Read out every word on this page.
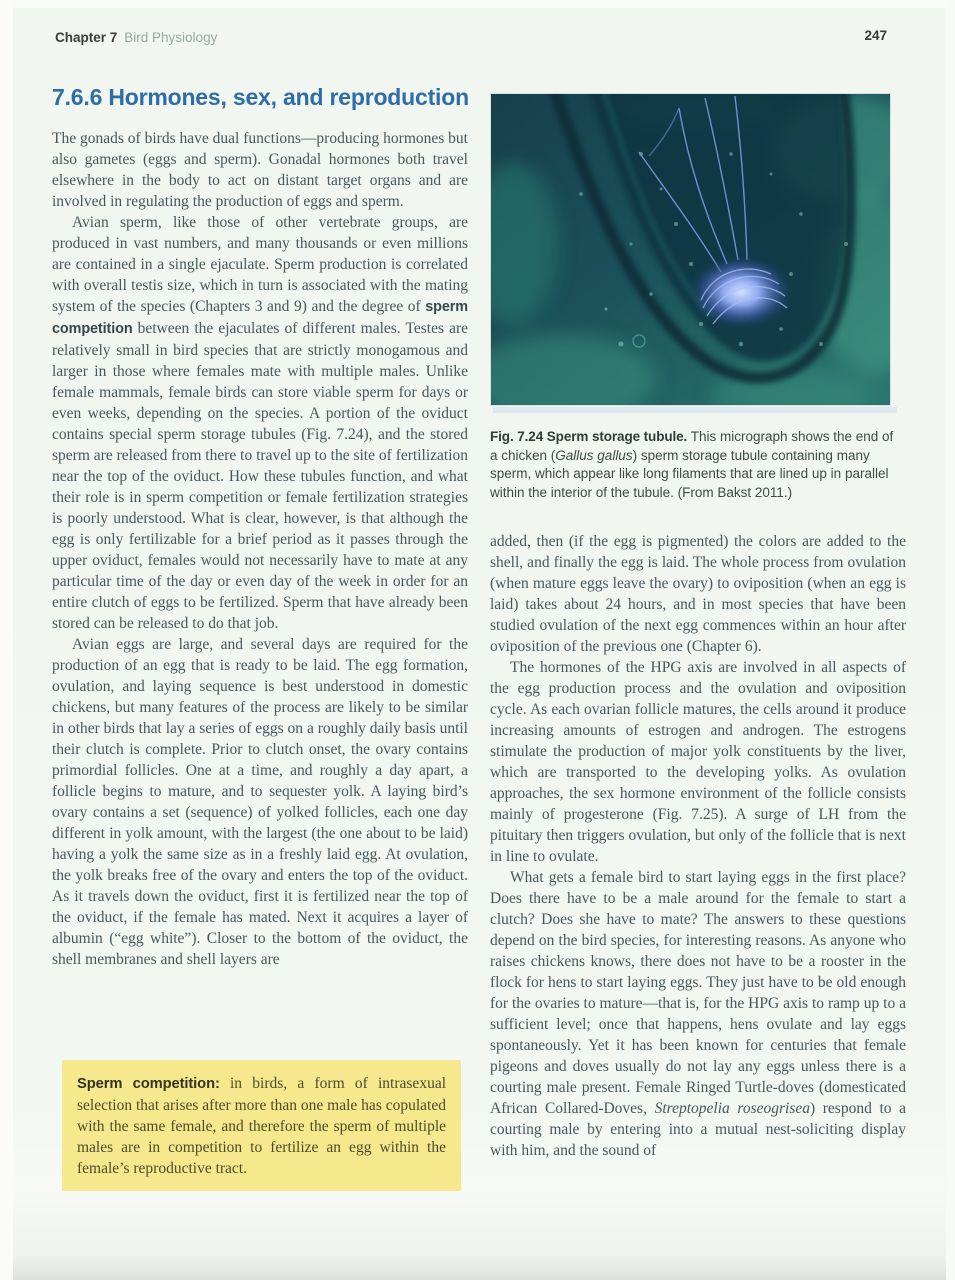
Chapter 7 Bird Physiology	247
7.6.6 Hormones, sex, and reproduction

The gonads of birds have dual functions—producing hormones but also gametes (eggs and sperm). Gonadal hormones both travel elsewhere in the body to act on distant target organs and are involved in regulating the production of eggs and sperm.

Avian sperm, like those of other vertebrate groups, are produced in vast numbers, and many thousands or even millions are contained in a single ejaculate. Sperm production is correlated with overall testis size, which in turn is associated with the mating system of the species (Chapters 3 and 9) and the degree of sperm competition between the ejaculates of different males. Testes are relatively small in bird species that are strictly monogamous and larger in those where females mate with multiple males. Unlike female mammals, female birds can store viable sperm for days or even weeks, depending on the species. A portion of the oviduct contains special sperm storage tubules (Fig. 7.24), and the stored sperm are released from there to travel up to the site of fertilization near the top of the oviduct. How these tubules function, and what their role is in sperm competition or female fertilization strategies is poorly understood. What is clear, however, is that although the egg is only fertilizable for a brief period as it passes through the upper oviduct, females would not necessarily have to mate at any particular time of the day or even day of the week in order for an entire clutch of eggs to be fertilized. Sperm that have already been stored can be released to do that job.

Avian eggs are large, and several days are required for the production of an egg that is ready to be laid. The egg formation, ovulation, and laying sequence is best understood in domestic chickens, but many features of the process are likely to be similar in other birds that lay a series of eggs on a roughly daily basis until their clutch is complete. Prior to clutch onset, the ovary contains primordial follicles. One at a time, and roughly a day apart, a follicle begins to mature, and to sequester yolk. A laying bird’s ovary contains a set (sequence) of yolked follicles, each one day different in yolk amount, with the largest (the one about to be laid) having a yolk the same size as in a freshly laid egg. At ovulation, the yolk breaks free of the ovary and enters the top of the oviduct. As it travels down the oviduct, first it is fertilized near the top of the oviduct, if the female has mated. Next it acquires a layer of albumin (“egg white”). Closer to the bottom of the oviduct, the shell membranes and shell layers are

Fig. 7.24 Sperm storage tubule. This micrograph shows the end of a chicken (Gallus gallus) sperm storage tubule containing many sperm, which appear like long filaments that are lined up in parallel within the interior of the tubule. (From Bakst 2011.)

added, then (if the egg is pigmented) the colors are added to the shell, and finally the egg is laid. The whole process from ovulation (when mature eggs leave the ovary) to oviposition (when an egg is laid) takes about 24 hours, and in most species that have been studied ovulation of the next egg commences within an hour after oviposition of the previous one (Chapter 6).

The hormones of the HPG axis are involved in all aspects of the egg production process and the ovulation and oviposition cycle. As each ovarian follicle matures, the cells around it produce increasing amounts of estrogen and androgen. The estrogens stimulate the production of major yolk constituents by the liver, which are transported to the developing yolks. As ovulation approaches, the sex hormone environment of the follicle consists mainly of progesterone (Fig. 7.25). A surge of LH from the pituitary then triggers ovulation, but only of the follicle that is next in line to ovulate.

What gets a female bird to start laying eggs in the first place? Does there have to be a male around for the female to start a clutch? Does she have to mate? The answers to these questions depend on the bird species, for interesting reasons. As anyone who raises chickens knows, there does not have to be a rooster in the flock for hens to start laying eggs. They just have to be old enough for the ovaries to mature—that is, for the HPG axis to ramp up to a sufficient level; once that happens, hens ovulate and lay eggs spontaneously. Yet it has been known for centuries that female pigeons and doves usually do not lay any eggs unless there is a courting male present. Female Ringed Turtle-doves (domesticated African Collared-Doves, Streptopelia roseogrisea) respond to a courting male by entering into a mutual nest-soliciting display with him, and the sound of

Sperm competition: in birds, a form of intrasexual selection that arises after more than one male has copulated with the same female, and therefore the sperm of multiple males are in competition to fertilize an egg within the female’s reproductive tract.
